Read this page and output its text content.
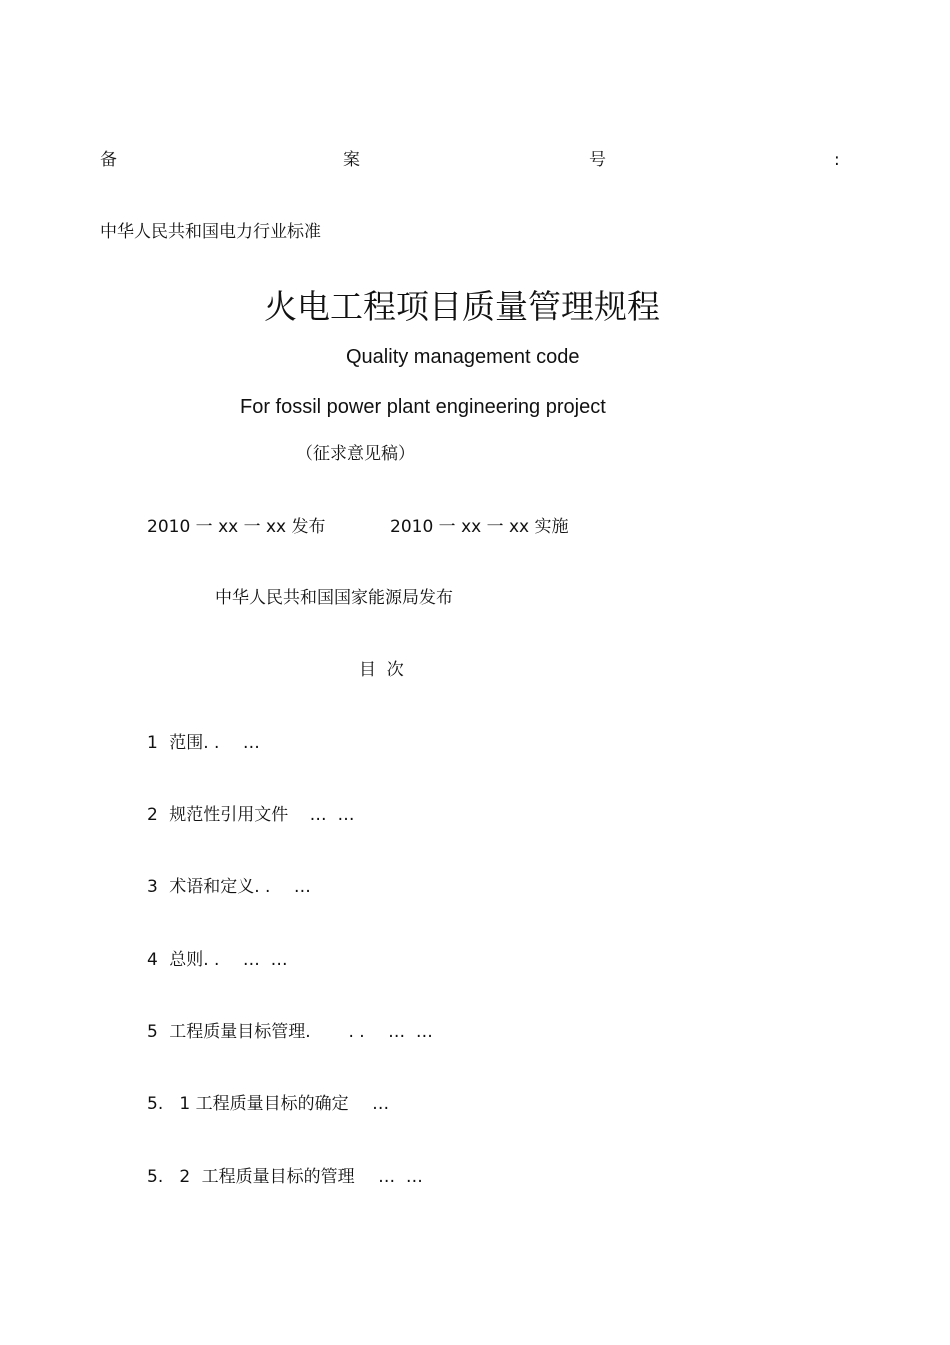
备	案	号	:
中华人民共和国电力行业标准
火电工程项目质量管理规程
Quality management code
For fossil power plant engineering project
（征求意见稿）
2010 一 xx 一 xx 发布	2010 一 xx 一 xx 实施
中华人民共和国国家能源局发布
目  次
1 范围. . …
2 规范性引用文件 …  …
3 术语和定义. . …
4 总则. . …  …
5 工程质量目标管理.       . . …  …
5.   1 工程质量目标的确定 …
5.   2 工程质量目标的管理 …  …
